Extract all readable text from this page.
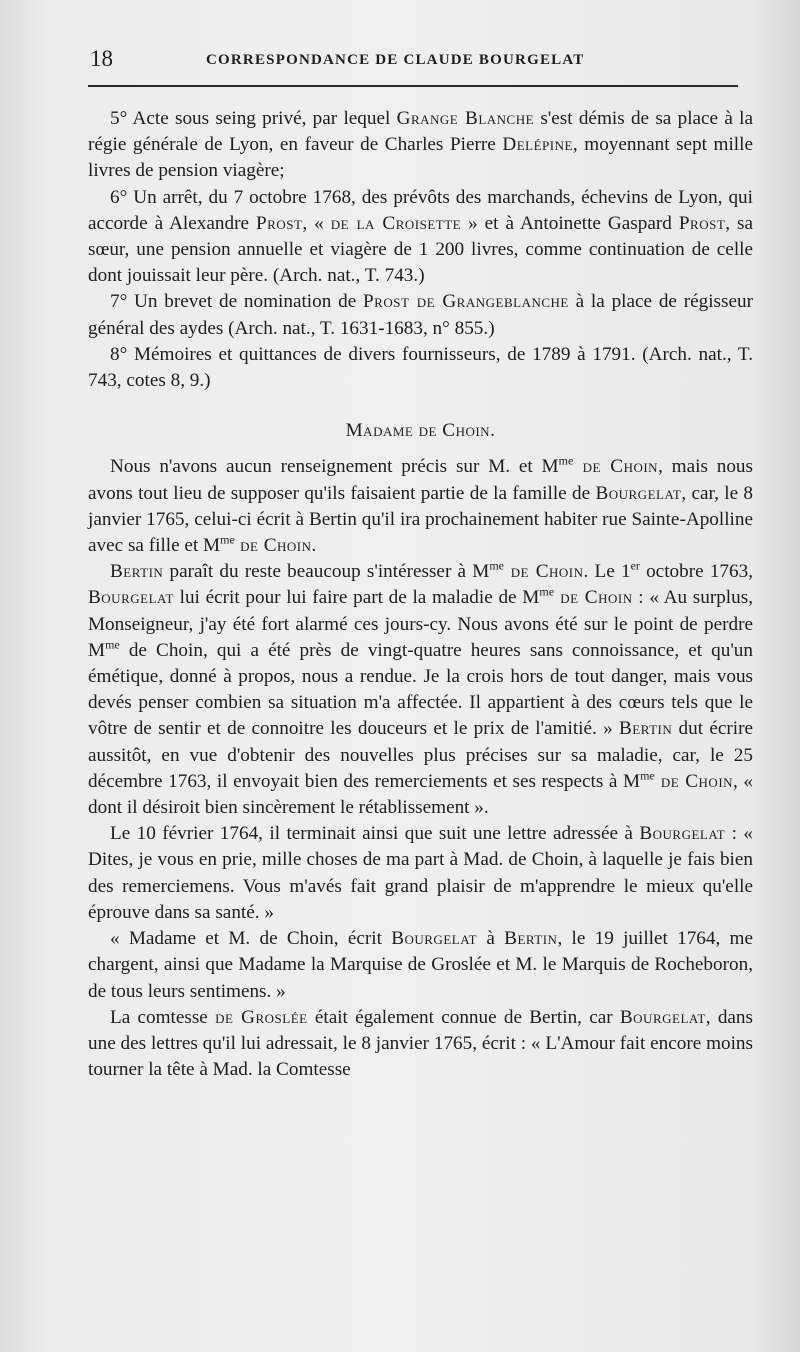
18	CORRESPONDANCE DE CLAUDE BOURGELAT

5° Acte sous seing privé, par lequel Grange Blanche s'est démis de sa place à la régie générale de Lyon, en faveur de Charles Pierre Delépine, moyennant sept mille livres de pension viagère;

6° Un arrêt, du 7 octobre 1768, des prévôts des marchands, échevins de Lyon, qui accorde à Alexandre Prost, « de la Croisette » et à Antoinette Gaspard Prost, sa sœur, une pension annuelle et viagère de 1 200 livres, comme continuation de celle dont jouissait leur père. (Arch. nat., T. 743.)

7° Un brevet de nomination de Prost de Grangeblanche à la place de régisseur général des aydes (Arch. nat., T. 1631-1683, n° 855.)

8° Mémoires et quittances de divers fournisseurs, de 1789 à 1791. (Arch. nat., T. 743, cotes 8, 9.)

Madame de Choin.

Nous n'avons aucun renseignement précis sur M. et $M^{me}$ de Choin, mais nous avons tout lieu de supposer qu'ils faisaient partie de la famille de Bourgelat, car, le 8 janvier 1765, celui-ci écrit à Bertin qu'il ira prochainement habiter rue Sainte-Apolline avec sa fille et $M^{me}$ de Choin.

Bertin paraît du reste beaucoup s'intéresser à $M^{me}$ de Choin. Le 1er octobre 1763, Bourgelat lui écrit pour lui faire part de la maladie de $M^{me}$ de Choin : « Au surplus, Monseigneur, j'ay été fort alarmé ces jours-cy. Nous avons été sur le point de perdre $M^{me}$ de Choin, qui a été près de vingt-quatre heures sans connoissance, et qu'un émétique, donné à propos, nous a rendue. Je la crois hors de tout danger, mais vous devés penser combien sa situation m'a affectée. Il appartient à des cœurs tels que le vôtre de sentir et de connoitre les douceurs et le prix de l'amitié. » Bertin dut écrire aussitôt, en vue d'obtenir des nouvelles plus précises sur sa maladie, car, le 25 décembre 1763, il envoyait bien des remerciements et ses respects à $M^{me}$ de Choin, « dont il désiroit bien sincèrement le rétablissement ».

Le 10 février 1764, il terminait ainsi que suit une lettre adressée à Bourgelat : « Dites, je vous en prie, mille choses de ma part à Mad. de Choin, à laquelle je fais bien des remerciemens. Vous m'avés fait grand plaisir de m'apprendre le mieux qu'elle éprouve dans sa santé. »

« Madame et M. de Choin, écrit Bourgelat à Bertin, le 19 juillet 1764, me chargent, ainsi que Madame la Marquise de Groslée et M. le Marquis de Rocheboron, de tous leurs sentimens. »

La comtesse de Groslée était également connue de Bertin, car Bourgelat, dans une des lettres qu'il lui adressait, le 8 janvier 1765, écrit : « L'Amour fait encore moins tourner la tête à Mad. la Comtesse
